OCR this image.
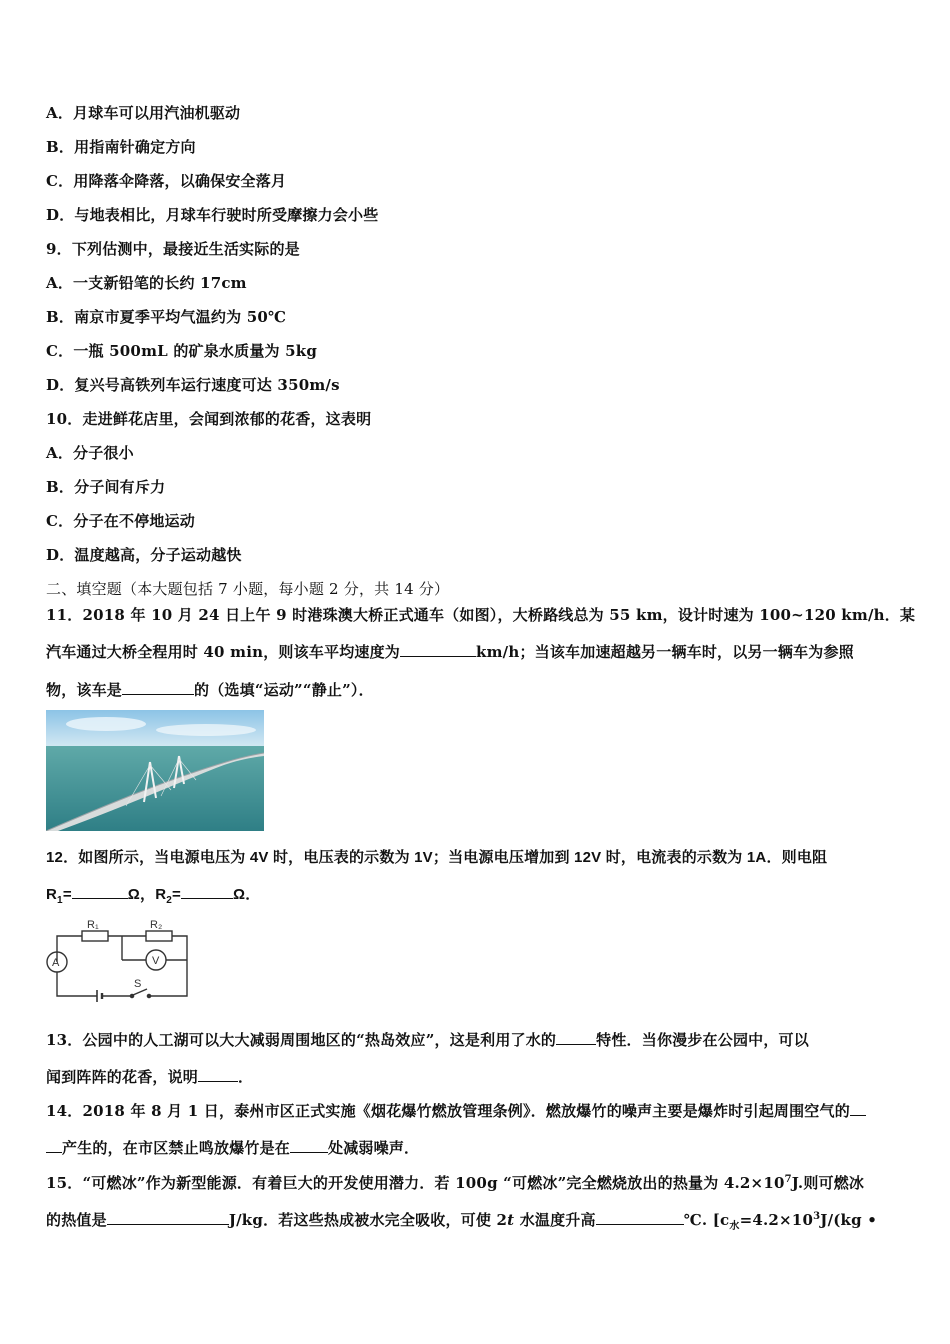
A．月球车可以用汽油机驱动
B．用指南针确定方向
C．用降落伞降落，以确保安全落月
D．与地表相比，月球车行驶时所受摩擦力会小些
9．下列估测中，最接近生活实际的是
A．一支新铅笔的长约 17cm
B．南京市夏季平均气温约为 50℃
C．一瓶 500mL 的矿泉水质量为 5kg
D．复兴号高铁列车运行速度可达 350m/s
10．走进鲜花店里，会闻到浓郁的花香，这表明
A．分子很小
B．分子间有斥力
C．分子在不停地运动
D．温度越高，分子运动越快
二、填空题（本大题包括 7 小题，每小题 2 分，共 14 分）
11．2018 年 10 月 24 日上午 9 时港珠澳大桥正式通车（如图），大桥路线总为 55 km，设计时速为 100~120 km/h．某
汽车通过大桥全程用时 40 min，则该车平均速度为	km/h；当该车加速超越另一辆车时，以另一辆车为参照
物，该车是	的（选填“运动”“静止”）．
12．如图所示，当电源电压为 4V 时，电压表的示数为 1V；当电源电压增加到 12V 时，电流表的示数为 1A．则电阻
$R_1=$	Ω，$R_2=$	Ω．
R₁	R₂
A	V
S
13．公园中的人工湖可以大大减弱周围地区的“热岛效应”，这是利用了水的	特性．当你漫步在公园中，可以
闻到阵阵的花香，说明	．
14．2018 年 8 月 1 日，泰州市区正式实施《烟花爆竹燃放管理条例》．燃放爆竹的噪声主要是爆炸时引起周围空气的
产生的，在市区禁止鸣放爆竹是在	处减弱噪声．
15．“可燃冰”作为新型能源．有着巨大的开发使用潜力．若 100g “可燃冰”完全燃烧放出的热量为 $4.2\times 10^7J$.则可燃冰
的热值是	J/kg．若这些热成被水完全吸收，可使 2t 水温度升高	℃. [$c_水=4.2\times 10^3J/(kg$ •
